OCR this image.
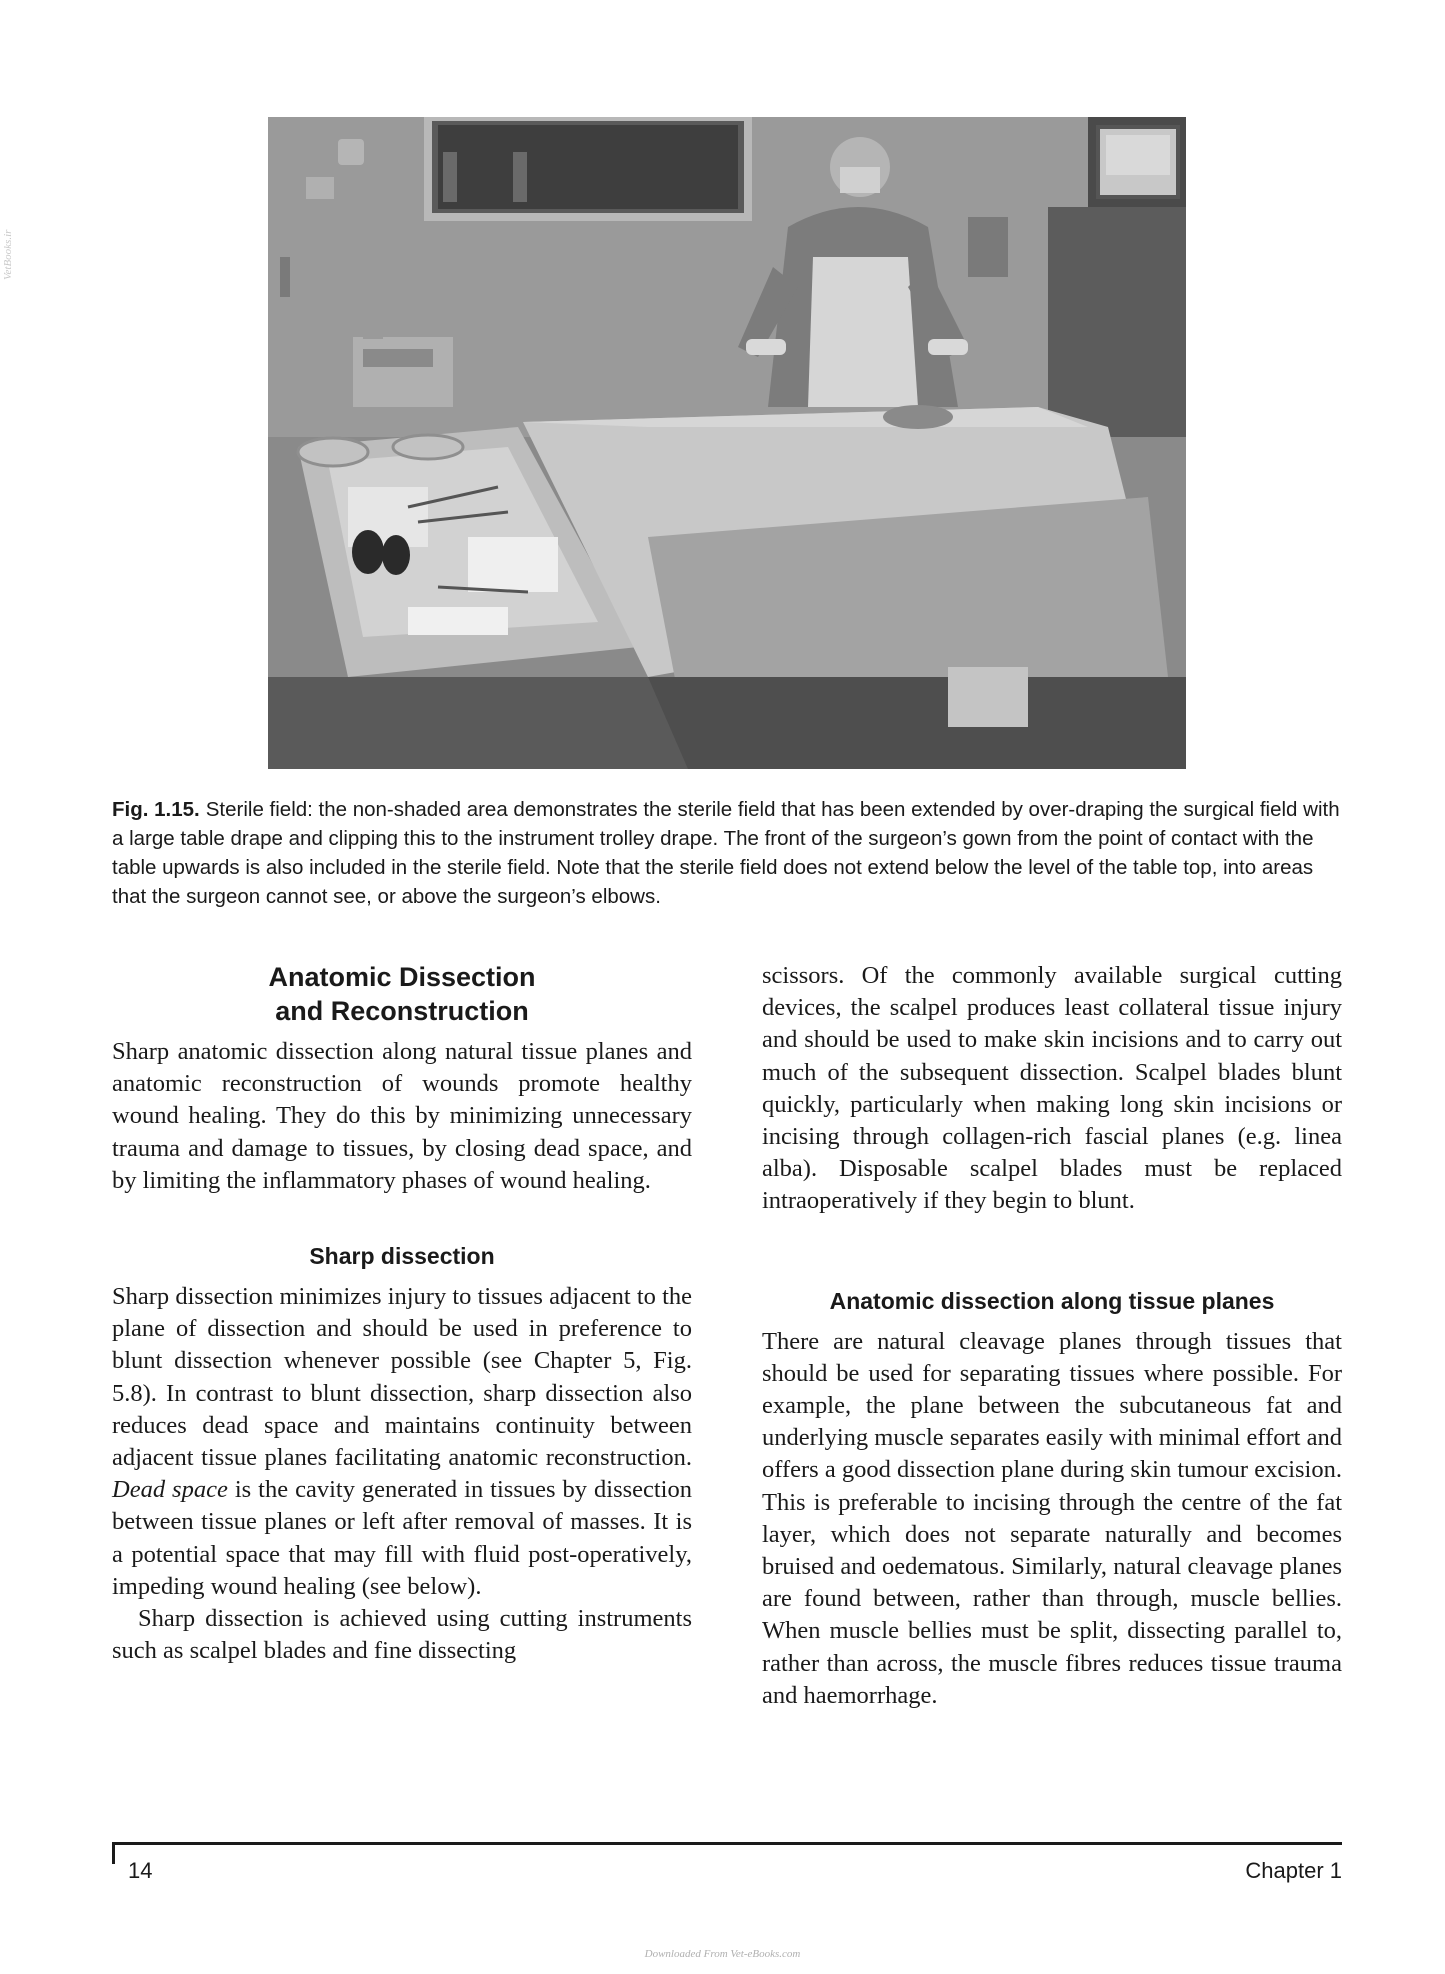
VetBooks.ir
Fig. 1.15. Sterile field: the non-shaded area demonstrates the sterile field that has been extended by over-draping the surgical field with a large table drape and clipping this to the instrument trolley drape. The front of the surgeon’s gown from the point of contact with the table upwards is also included in the sterile field. Note that the sterile field does not extend below the level of the table top, into areas that the surgeon cannot see, or above the surgeon’s elbows.
Anatomic Dissection
and Reconstruction

Sharp anatomic dissection along natural tissue planes and anatomic reconstruction of wounds promote healthy wound healing. They do this by minimizing unnecessary trauma and damage to tissues, by closing dead space, and by limiting the inflammatory phases of wound healing.

Sharp dissection

Sharp dissection minimizes injury to tissues adjacent to the plane of dissection and should be used in preference to blunt dissection whenever possible (see Chapter 5, Fig. 5.8). In contrast to blunt dissection, sharp dissection also reduces dead space and maintains continuity between adjacent tissue planes facilitating anatomic reconstruction. Dead space is the cavity generated in tissues by dissection between tissue planes or left after removal of masses. It is a potential space that may fill with fluid post-operatively, impeding wound healing (see below).

Sharp dissection is achieved using cutting instruments such as scalpel blades and fine dissecting

scissors. Of the commonly available surgical cutting devices, the scalpel produces least collateral tissue injury and should be used to make skin incisions and to carry out much of the subsequent dissection. Scalpel blades blunt quickly, particularly when making long skin incisions or incising through collagen-rich fascial planes (e.g. linea alba). Disposable scalpel blades must be replaced intraoperatively if they begin to blunt.

Anatomic dissection along tissue planes

There are natural cleavage planes through tissues that should be used for separating tissues where possible. For example, the plane between the subcutaneous fat and underlying muscle separates easily with minimal effort and offers a good dissection plane during skin tumour excision. This is preferable to incising through the centre of the fat layer, which does not separate naturally and becomes bruised and oedematous. Similarly, natural cleavage planes are found between, rather than through, muscle bellies. When muscle bellies must be split, dissecting parallel to, rather than across, the muscle fibres reduces tissue trauma and haemorrhage.

14	Chapter 1
Downloaded From Vet-eBooks.com
